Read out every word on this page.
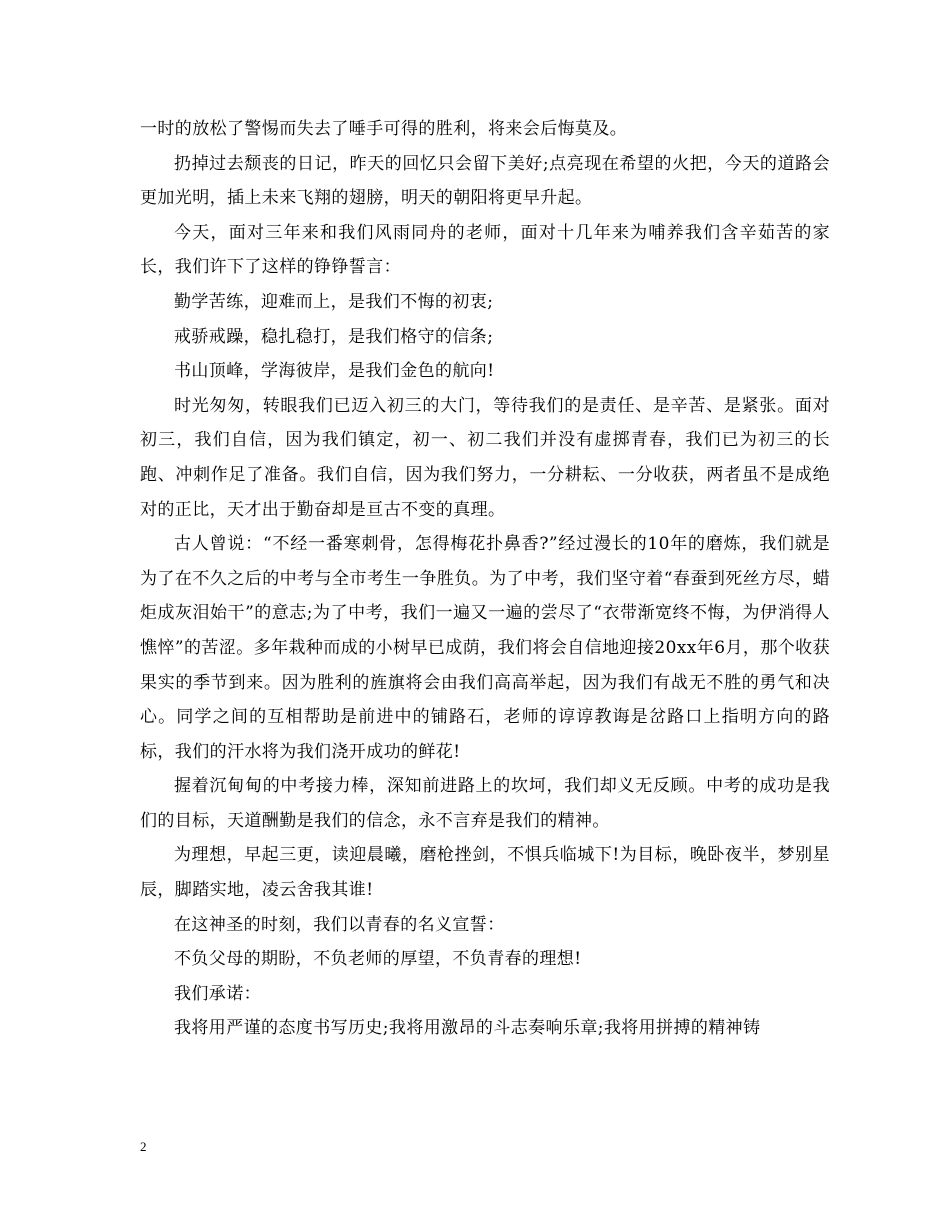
一时的放松了警惕而失去了唾手可得的胜利，将来会后悔莫及。

扔掉过去颓丧的日记，昨天的回忆只会留下美好;点亮现在希望的火把，今天的道路会更加光明，插上未来飞翔的翅膀，明天的朝阳将更早升起。

今天，面对三年来和我们风雨同舟的老师，面对十几年来为哺养我们含辛茹苦的家长，我们许下了这样的铮铮誓言：

勤学苦练，迎难而上，是我们不悔的初衷;

戒骄戒躁，稳扎稳打，是我们格守的信条;

书山顶峰，学海彼岸，是我们金色的航向!

时光匆匆，转眼我们已迈入初三的大门，等待我们的是责任、是辛苦、是紧张。面对初三，我们自信，因为我们镇定，初一、初二我们并没有虚掷青春，我们已为初三的长跑、冲刺作足了准备。我们自信，因为我们努力，一分耕耘、一分收获，两者虽不是成绝对的正比，天才出于勤奋却是亘古不变的真理。

古人曾说：“不经一番寒刺骨，怎得梅花扑鼻香?”经过漫长的10年的磨炼，我们就是为了在不久之后的中考与全市考生一争胜负。为了中考，我们坚守着“春蚕到死丝方尽，蜡炬成灰泪始干”的意志;为了中考，我们一遍又一遍的尝尽了“衣带渐宽终不悔，为伊消得人憔悴”的苦涩。多年栽种而成的小树早已成荫，我们将会自信地迎接20xx年6月，那个收获果实的季节到来。因为胜利的旌旗将会由我们高高举起，因为我们有战无不胜的勇气和决心。同学之间的互相帮助是前进中的铺路石，老师的谆谆教诲是岔路口上指明方向的路标，我们的汗水将为我们浇开成功的鲜花!

握着沉甸甸的中考接力棒，深知前进路上的坎坷，我们却义无反顾。中考的成功是我们的目标，天道酬勤是我们的信念，永不言弃是我们的精神。

为理想，早起三更，读迎晨曦，磨枪挫剑，不惧兵临城下!为目标，晚卧夜半，梦别星辰，脚踏实地，凌云舍我其谁!

在这神圣的时刻，我们以青春的名义宣誓：

不负父母的期盼，不负老师的厚望，不负青春的理想!

我们承诺：

我将用严谨的态度书写历史;我将用激昂的斗志奏响乐章;我将用拼搏的精神铸

2
